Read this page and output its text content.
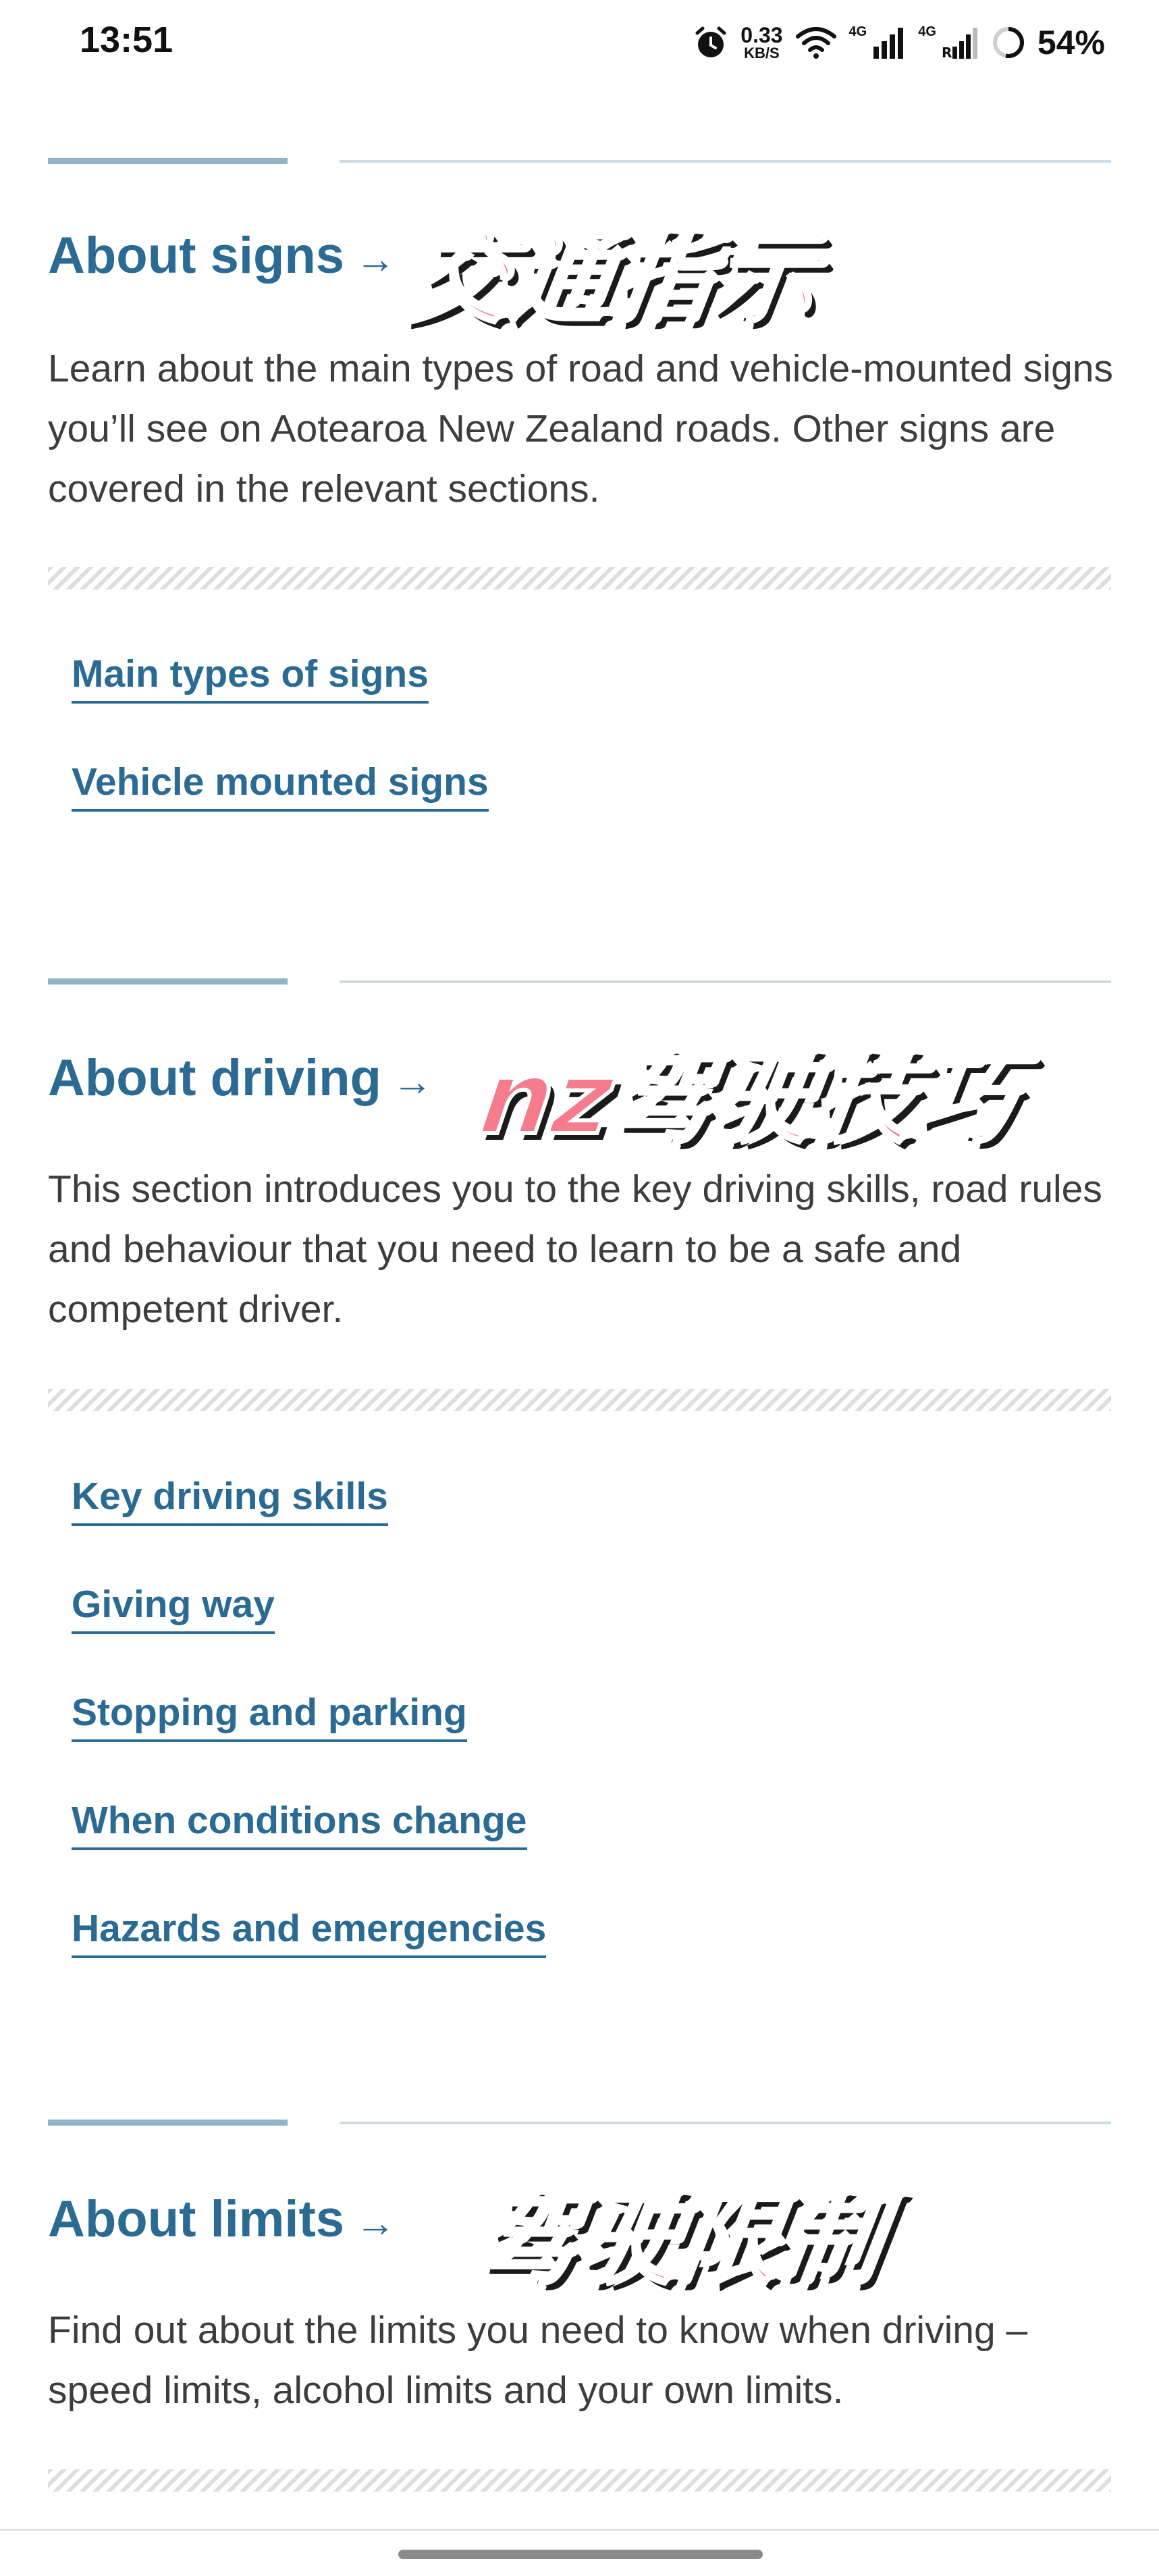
13:51	0.33
KB/S
4G	4G
R	54%
About signs → 交通指示
Learn about the main types of road and vehicle-mounted signs you’ll see on Aotearoa New Zealand roads. Other signs are covered in the relevant sections.
Main types of signs
Vehicle mounted signs
About driving → nz驾驶技巧
This section introduces you to the key driving skills, road rules and behaviour that you need to learn to be a safe and competent driver.
Key driving skills
Giving way
Stopping and parking
When conditions change
Hazards and emergencies
About limits → 驾驶限制
Find out about the limits you need to know when driving – speed limits, alcohol limits and your own limits.
